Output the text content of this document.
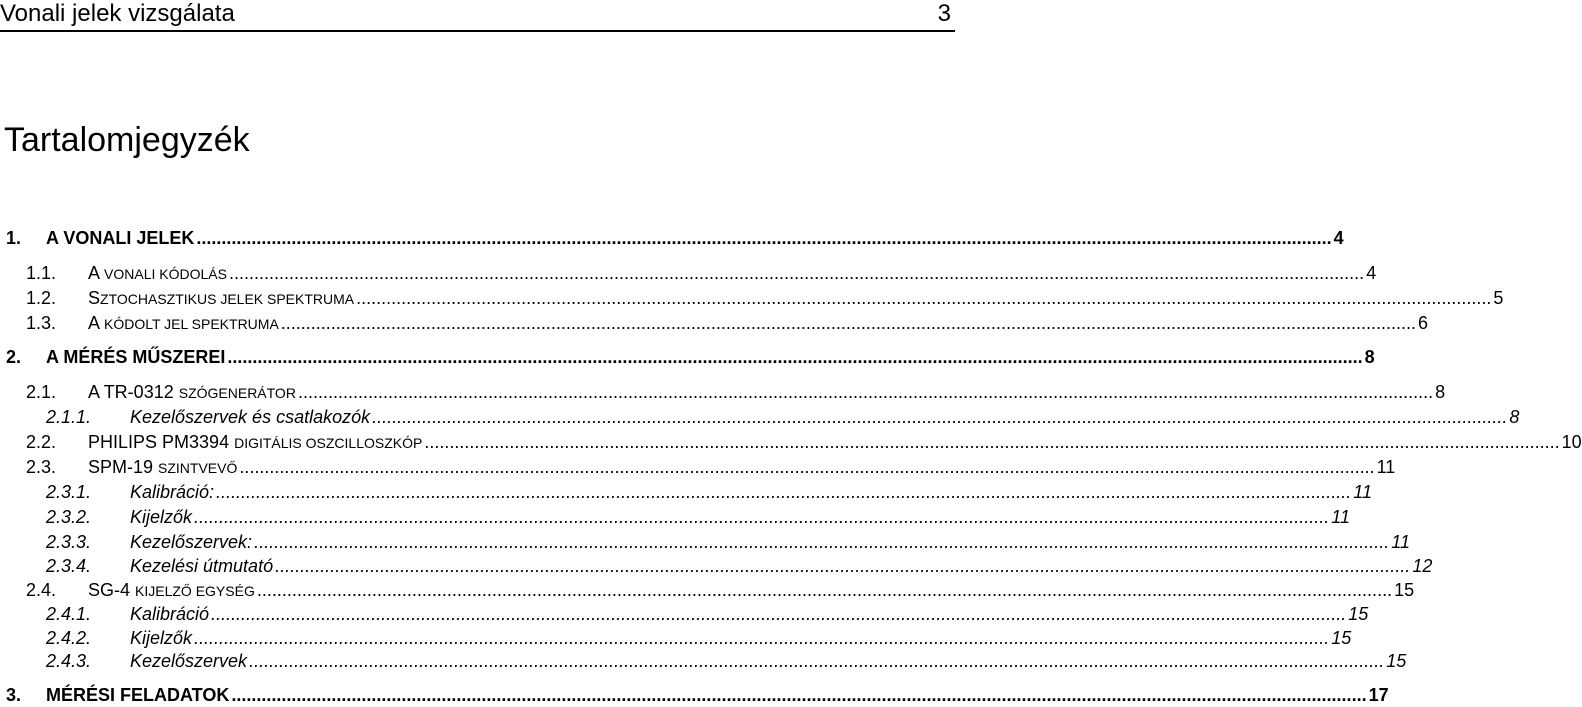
Vonali jelek vizsgálata	3
Tartalomjegyzék
1.	A VONALI JELEK ................................................................................................................................................................................................................................... 4
1.1.	A VONALI KÓDOLÁS ................................................................................................................................................................................................................................... 4
1.2.	SZTOCHASZTIKUS JELEK SPEKTRUMA ................................................................................................................................................................................................................................... 5
1.3.	A KÓDOLT JEL SPEKTRUMA ................................................................................................................................................................................................................................... 6
2.	A MÉRÉS MŰSZEREI ................................................................................................................................................................................................................................... 8
2.1.	A TR-0312 SZÓGENERÁTOR ................................................................................................................................................................................................................................... 8
2.1.1.	Kezelőszervek és csatlakozók ................................................................................................................................................................................................................................... 8
2.2.	PHILIPS PM3394 DIGITÁLIS OSZCILLOSZKÓP ................................................................................................................................................................................................................................... 10
2.3.	SPM-19 SZINTVEVŐ ................................................................................................................................................................................................................................... 11
2.3.1.	Kalibráció: ................................................................................................................................................................................................................................... 11
2.3.2.	Kijelzők ................................................................................................................................................................................................................................... 11
2.3.3.	Kezelőszervek: ................................................................................................................................................................................................................................... 11
2.3.4.	Kezelési útmutató ................................................................................................................................................................................................................................... 12
2.4.	SG-4 KIJELZŐ EGYSÉG ................................................................................................................................................................................................................................... 15
2.4.1.	Kalibráció ................................................................................................................................................................................................................................... 15
2.4.2.	Kijelzők ................................................................................................................................................................................................................................... 15
2.4.3.	Kezelőszervek ................................................................................................................................................................................................................................... 15
3.	MÉRÉSI FELADATOK ................................................................................................................................................................................................................................... 17
